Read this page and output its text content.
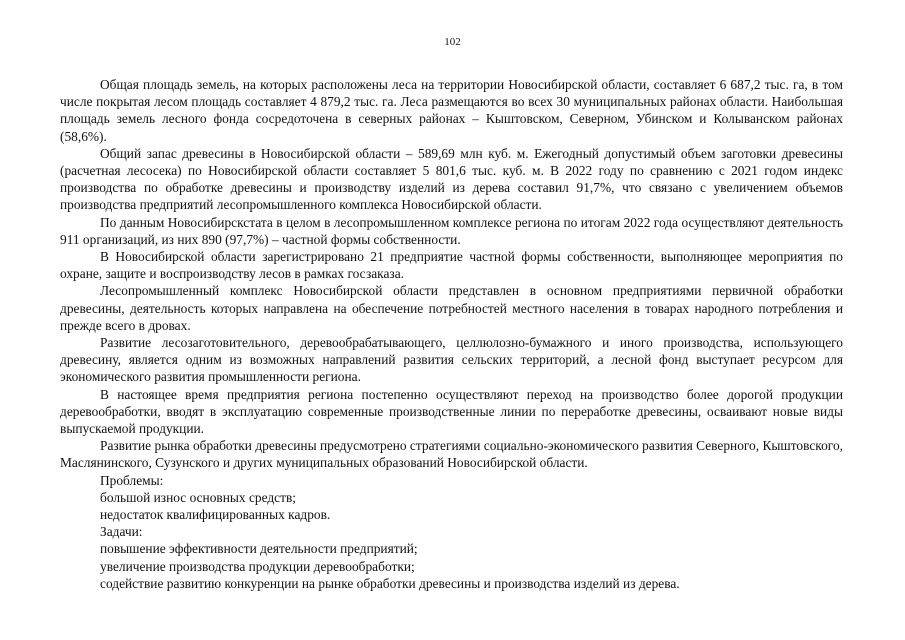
102

Общая площадь земель, на которых расположены леса на территории Новосибирской области, составляет 6 687,2 тыс. га, в том числе покрытая лесом площадь составляет 4 879,2 тыс. га. Леса размещаются во всех 30 муниципальных районах области. Наибольшая площадь земель лесного фонда сосредоточена в северных районах – Кыштовском, Северном, Убинском и Колыванском районах (58,6%).

Общий запас древесины в Новосибирской области – 589,69 млн куб. м. Ежегодный допустимый объем заготовки древесины (расчетная лесосека) по Новосибирской области составляет 5 801,6 тыс. куб. м. В 2022 году по сравнению с 2021 годом индекс производства по обработке древесины и производству изделий из дерева составил 91,7%, что связано с увеличением объемов производства предприятий лесопромышленного комплекса Новосибирской области.

По данным Новосибирскстата в целом в лесопромышленном комплексе региона по итогам 2022 года осуществляют деятельность 911 организаций, из них 890 (97,7%) – частной формы собственности.

В Новосибирской области зарегистрировано 21 предприятие частной формы собственности, выполняющее мероприятия по охране, защите и воспроизводству лесов в рамках госзаказа.

Лесопромышленный комплекс Новосибирской области представлен в основном предприятиями первичной обработки древесины, деятельность которых направлена на обеспечение потребностей местного населения в товарах народного потребления и прежде всего в дровах.

Развитие лесозаготовительного, деревообрабатывающего, целлюлозно-бумажного и иного производства, использующего древесину, является одним из возможных направлений развития сельских территорий, а лесной фонд выступает ресурсом для экономического развития промышленности региона.

В настоящее время предприятия региона постепенно осуществляют переход на производство более дорогой продукции деревообработки, вводят в эксплуатацию современные производственные линии по переработке древесины, осваивают новые виды выпускаемой продукции.

Развитие рынка обработки древесины предусмотрено стратегиями социально-экономического развития Северного, Кыштовского, Маслянинского, Сузунского и других муниципальных образований Новосибирской области.

Проблемы:

большой износ основных средств;

недостаток квалифицированных кадров.

Задачи:

повышение эффективности деятельности предприятий;

увеличение производства продукции деревообработки;

содействие развитию конкуренции на рынке обработки древесины и производства изделий из дерева.
